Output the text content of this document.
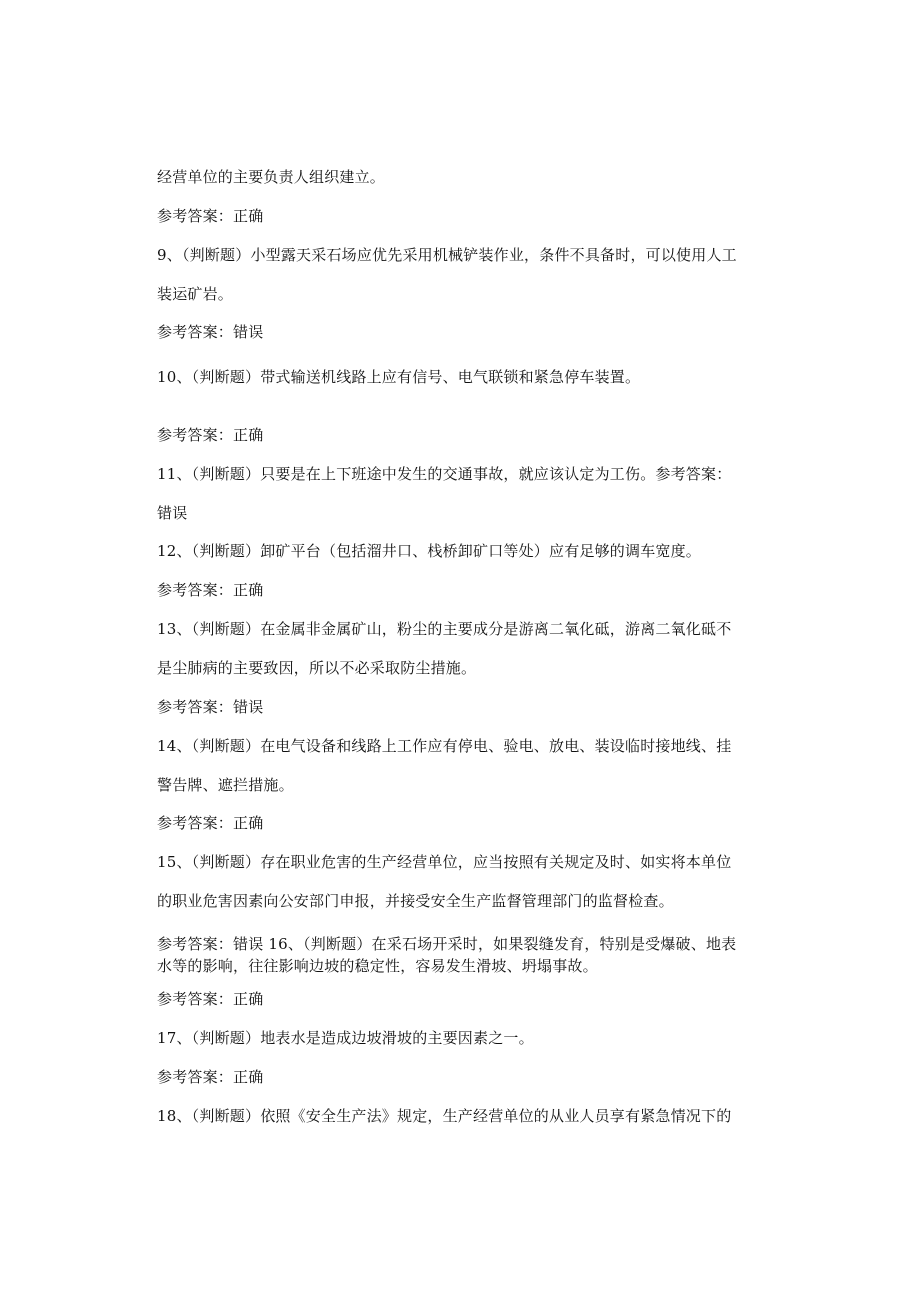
经营单位的主要负责人组织建立。
参考答案：正确
9、（判断题）小型露天采石场应优先采用机械铲装作业，条件不具备时，可以使用人工
装运矿岩。
参考答案：错误
10、（判断题）带式输送机线路上应有信号、电气联锁和紧急停车装置。
参考答案：正确
11、（判断题）只要是在上下班途中发生的交通事故，就应该认定为工伤。参考答案：
错误
12、（判断题）卸矿平台（包括溜井口、栈桥卸矿口等处）应有足够的调车宽度。
参考答案：正确
13、（判断题）在金属非金属矿山，粉尘的主要成分是游离二氧化砥，游离二氧化砥不
是尘肺病的主要致因，所以不必采取防尘措施。
参考答案：错误
14、（判断题）在电气设备和线路上工作应有停电、验电、放电、装设临时接地线、挂
警告牌、遮拦措施。
参考答案：正确
15、（判断题）存在职业危害的生产经营单位，应当按照有关规定及时、如实将本单位
的职业危害因素向公安部门申报，并接受安全生产监督管理部门的监督检查。
参考答案：错误 16、（判断题）在采石场开采时，如果裂缝发育，特别是受爆破、地表
水等的影响，往往影响边坡的稳定性，容易发生滑坡、坍塌事故。
参考答案：正确
17、（判断题）地表水是造成边坡滑坡的主要因素之一。
参考答案：正确
18、（判断题）依照《安全生产法》规定，生产经营单位的从业人员享有紧急情况下的
